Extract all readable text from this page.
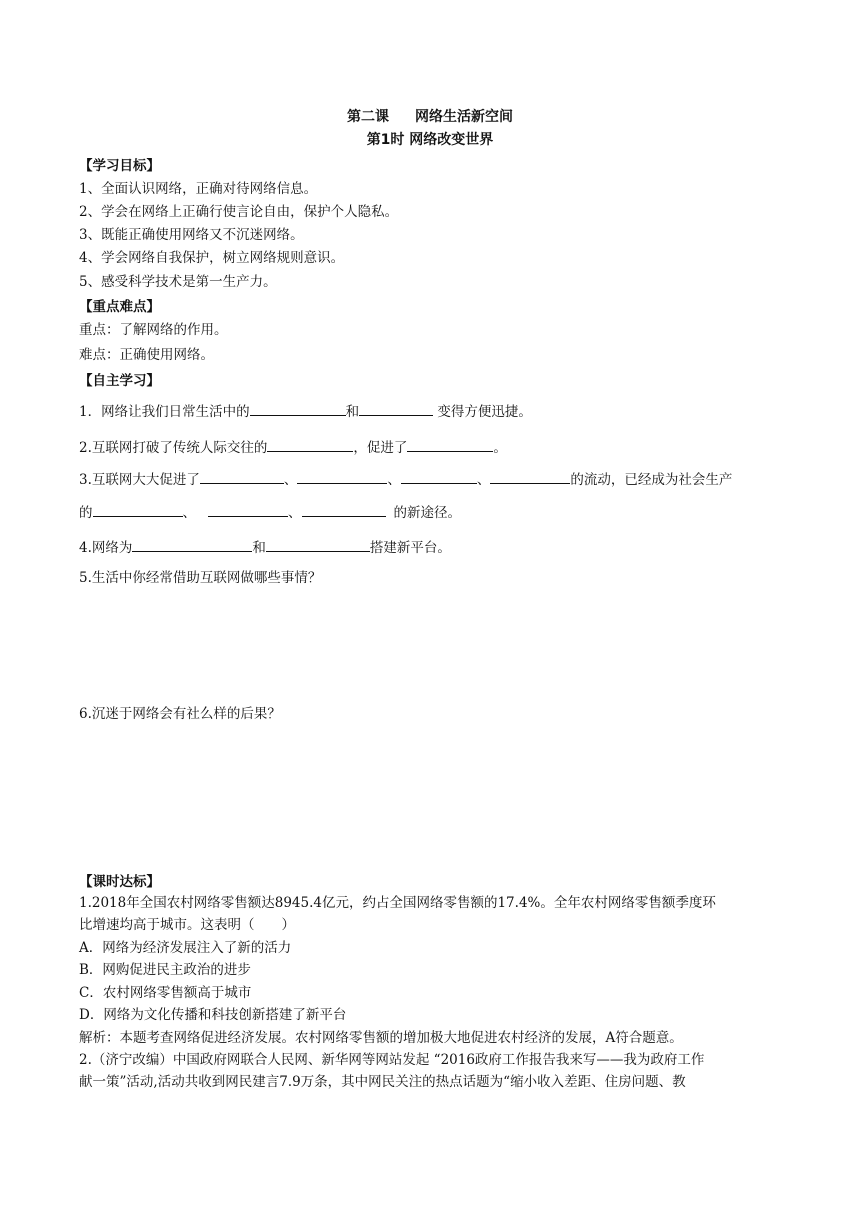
第二课 网络生活新空间
第1时 网络改变世界
【学习目标】
1、全面认识网络，正确对待网络信息。
2、学会在网络上正确行使言论自由，保护个人隐私。
3、既能正确使用网络又不沉迷网络。
4、学会网络自我保护，树立网络规则意识。
5、感受科学技术是第一生产力。
【重点难点】
重点：了解网络的作用。
难点：正确使用网络。
【自主学习】
1．网络让我们日常生活中的	和	变得方便迅捷。
2.互联网打破了传统人际交往的	，促进了	。
3.互联网大大促进了	、	、	、	的流动，已经成为社会生产
的	、	、	的新途径。
4.网络为	和	搭建新平台。
5.生活中你经常借助互联网做哪些事情？
6.沉迷于网络会有社么样的后果？
【课时达标】
1.2018年全国农村网络零售额达8945.4亿元，约占全国网络零售额的17.4%。全年农村网络零售额季度环
比增速均高于城市。这表明（　　）
A．网络为经济发展注入了新的活力
B．网购促进民主政治的进步
C．农村网络零售额高于城市
D．网络为文化传播和科技创新搭建了新平台
解析：本题考查网络促进经济发展。农村网络零售额的增加极大地促进农村经济的发展，A符合题意。
2.（济宁改编）中国政府网联合人民网、新华网等网站发起 “2016政府工作报告我来写——我为政府工作
献一策”活动,活动共收到网民建言7.9万条，其中网民关注的热点话题为“缩小收入差距、住房问题、教
